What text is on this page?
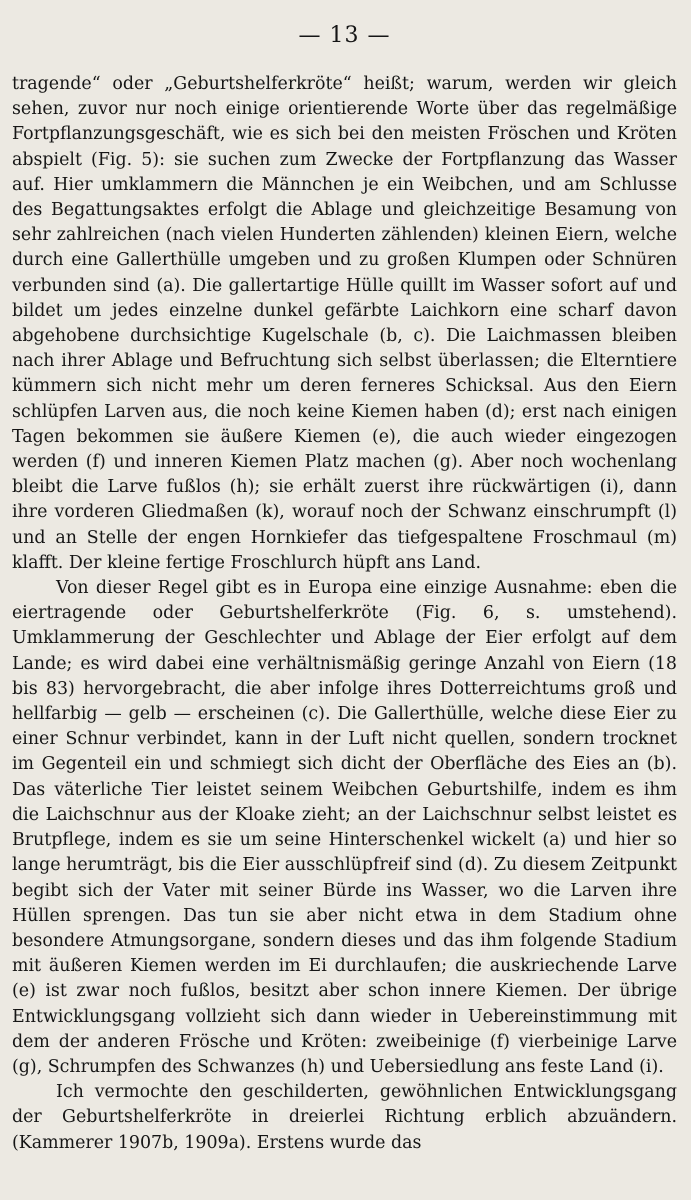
— 13 —

tragende“ oder „Geburtshelferkröte“ heißt; warum, werden wir gleich sehen, zuvor nur noch einige orientierende Worte über das regelmäßige Fortpflanzungsgeschäft, wie es sich bei den meisten Fröschen und Kröten abspielt (Fig. 5): sie suchen zum Zwecke der Fortpflanzung das Wasser auf. Hier umklammern die Männchen je ein Weibchen, und am Schlusse des Begattungsaktes erfolgt die Ablage und gleichzeitige Besamung von sehr zahlreichen (nach vielen Hunderten zählenden) kleinen Eiern, welche durch eine Gallerthülle umgeben und zu großen Klumpen oder Schnüren verbunden sind (a). Die gallertartige Hülle quillt im Wasser sofort auf und bildet um jedes einzelne dunkel gefärbte Laichkorn eine scharf davon abgehobene durchsichtige Kugelschale (b, c). Die Laichmassen bleiben nach ihrer Ablage und Befruchtung sich selbst überlassen; die Elterntiere kümmern sich nicht mehr um deren ferneres Schicksal. Aus den Eiern schlüpfen Larven aus, die noch keine Kiemen haben (d); erst nach einigen Tagen bekommen sie äußere Kiemen (e), die auch wieder eingezogen werden (f) und inneren Kiemen Platz machen (g). Aber noch wochenlang bleibt die Larve fußlos (h); sie erhält zuerst ihre rückwärtigen (i), dann ihre vorderen Gliedmaßen (k), worauf noch der Schwanz einschrumpft (l) und an Stelle der engen Hornkiefer das tiefgespaltene Froschmaul (m) klafft. Der kleine fertige Froschlurch hüpft ans Land.

Von dieser Regel gibt es in Europa eine einzige Ausnahme: eben die eiertragende oder Geburtshelferkröte (Fig. 6, s. umstehend). Umklammerung der Geschlechter und Ablage der Eier erfolgt auf dem Lande; es wird dabei eine verhältnismäßig geringe Anzahl von Eiern (18 bis 83) hervorgebracht, die aber infolge ihres Dotterreichtums groß und hellfarbig — gelb — erscheinen (c). Die Gallerthülle, welche diese Eier zu einer Schnur verbindet, kann in der Luft nicht quellen, sondern trocknet im Gegenteil ein und schmiegt sich dicht der Oberfläche des Eies an (b). Das väterliche Tier leistet seinem Weibchen Geburtshilfe, indem es ihm die Laichschnur aus der Kloake zieht; an der Laichschnur selbst leistet es Brutpflege, indem es sie um seine Hinterschenkel wickelt (a) und hier so lange herumträgt, bis die Eier ausschlüpfreif sind (d). Zu diesem Zeitpunkt begibt sich der Vater mit seiner Bürde ins Wasser, wo die Larven ihre Hüllen sprengen. Das tun sie aber nicht etwa in dem Stadium ohne besondere Atmungsorgane, sondern dieses und das ihm folgende Stadium mit äußeren Kiemen werden im Ei durchlaufen; die auskriechende Larve (e) ist zwar noch fußlos, besitzt aber schon innere Kiemen. Der übrige Entwicklungsgang vollzieht sich dann wieder in Uebereinstimmung mit dem der anderen Frösche und Kröten: zweibeinige (f) vierbeinige Larve (g), Schrumpfen des Schwanzes (h) und Uebersiedlung ans feste Land (i).

Ich vermochte den geschilderten, gewöhnlichen Entwicklungsgang der Geburtshelferkröte in dreierlei Richtung erblich abzuändern. (Kammerer 1907b, 1909a). Erstens wurde das
